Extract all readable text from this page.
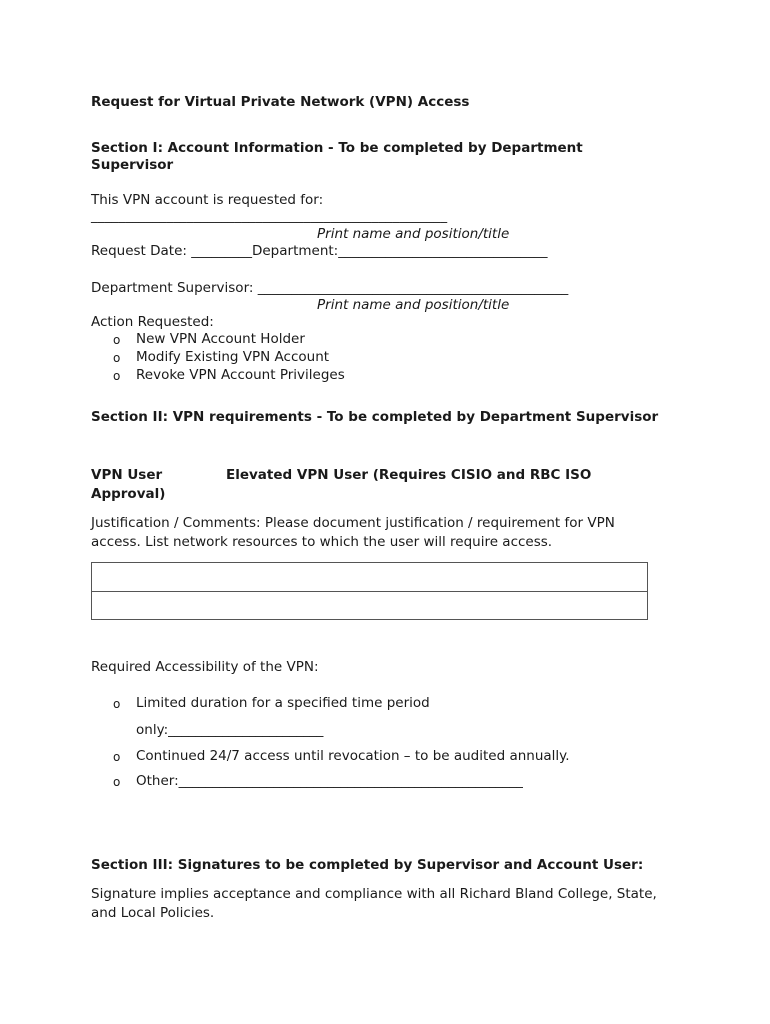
Request for Virtual Private Network (VPN) Access
Section I: Account Information - To be completed by Department
Supervisor
This VPN account is requested for:
____________________________________________________
Print name and position/title
Request Date: _________Department:_______________________________
Department Supervisor: ______________________________________________
Print name and position/title
Action Requested:
o New VPN Account Holder
o Modify Existing VPN Account
o Revoke VPN Account Privileges
Section II: VPN requirements - To be completed by Department Supervisor
VPN User
Approval)
Elevated VPN User (Requires CISIO and RBC ISO
Justification / Comments: Please document justification / requirement for VPN
access. List network resources to which the user will require access.
Required Accessibility of the VPN:
o Limited duration for a specified time period
only:_______________________
o Continued 24/7 access until revocation – to be audited annually.
o Other:___________________________________________________
Section III: Signatures to be completed by Supervisor and Account User:
Signature implies acceptance and compliance with all Richard Bland College, State,
and Local Policies.
